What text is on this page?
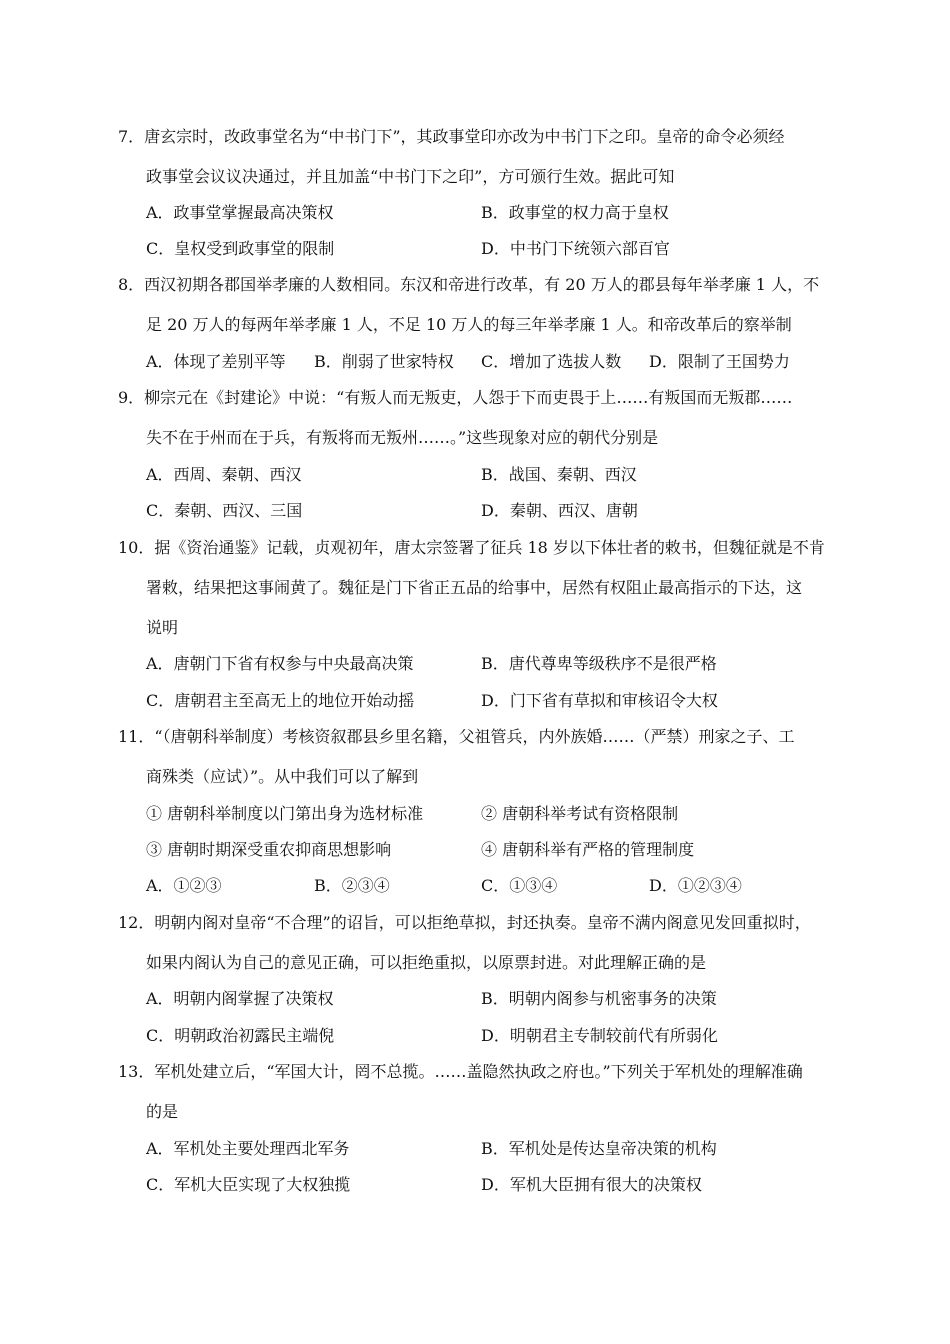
7．唐玄宗时，改政事堂名为“中书门下”，其政事堂印亦改为中书门下之印。皇帝的命令必须经
政事堂会议议决通过，并且加盖“中书门下之印”，方可颁行生效。据此可知
A．政事堂掌握最高决策权	B．政事堂的权力高于皇权
C．皇权受到政事堂的限制	D．中书门下统领六部百官
8．西汉初期各郡国举孝廉的人数相同。东汉和帝进行改革，有 20 万人的郡县每年举孝廉 1 人，不
足 20 万人的每两年举孝廉 1 人，不足 10 万人的每三年举孝廉 1 人。和帝改革后的察举制
A．体现了差别平等 B．削弱了世家特权 C．增加了选拔人数 D．限制了王国势力
9．柳宗元在《封建论》中说：“有叛人而无叛吏，人怨于下而吏畏于上……有叛国而无叛郡……
失不在于州而在于兵，有叛将而无叛州……。”这些现象对应的朝代分别是
A．西周、秦朝、西汉	B．战国、秦朝、西汉
C．秦朝、西汉、三国	D．秦朝、西汉、唐朝
10．据《资治通鉴》记载，贞观初年，唐太宗签署了征兵 18 岁以下体壮者的敕书，但魏征就是不肯
署敕，结果把这事闹黄了。魏征是门下省正五品的给事中，居然有权阻止最高指示的下达，这
说明
A．唐朝门下省有权参与中央最高决策	B．唐代尊卑等级秩序不是很严格
C．唐朝君主至高无上的地位开始动摇	D．门下省有草拟和审核诏令大权
11．“（唐朝科举制度）考核资叙郡县乡里名籍，父祖管兵，内外族婚……（严禁）刑家之子、工
商殊类（应试）”。从中我们可以了解到
① 唐朝科举制度以门第出身为选材标准	② 唐朝科举考试有资格限制
③ 唐朝时期深受重农抑商思想影响	④ 唐朝科举有严格的管理制度
A．①②③	B．②③④	C．①③④	D．①②③④
12．明朝内阁对皇帝“不合理”的诏旨，可以拒绝草拟，封还执奏。皇帝不满内阁意见发回重拟时，
如果内阁认为自己的意见正确，可以拒绝重拟，以原票封进。对此理解正确的是
A．明朝内阁掌握了决策权	B．明朝内阁参与机密事务的决策
C．明朝政治初露民主端倪	D．明朝君主专制较前代有所弱化
13．军机处建立后，“军国大计，罔不总揽。……盖隐然执政之府也。”下列关于军机处的理解准确
的是
A．军机处主要处理西北军务	B．军机处是传达皇帝决策的机构
C．军机大臣实现了大权独揽	D．军机大臣拥有很大的决策权
